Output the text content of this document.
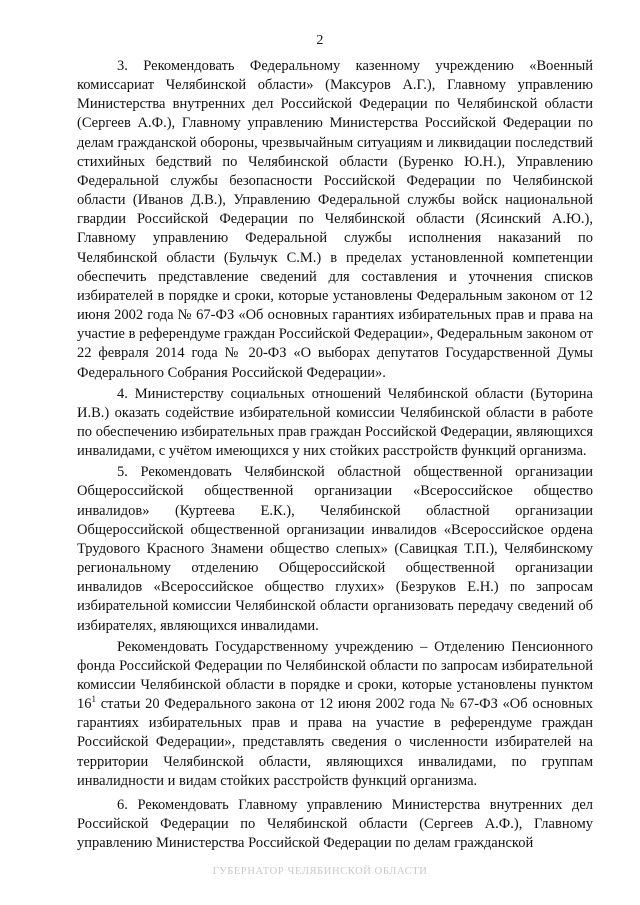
2

3. Рекомендовать Федеральному казенному учреждению «Военный комиссариат Челябинской области» (Максуров А.Г.), Главному управлению Министерства внутренних дел Российской Федерации по Челябинской области (Сергеев А.Ф.), Главному управлению Министерства Российской Федерации по делам гражданской обороны, чрезвычайным ситуациям и ликвидации последствий стихийных бедствий по Челябинской области (Буренко Ю.Н.), Управлению Федеральной службы безопасности Российской Федерации по Челябинской области (Иванов Д.В.), Управлению Федеральной службы войск национальной гвардии Российской Федерации по Челябинской области (Ясинский А.Ю.), Главному управлению Федеральной службы исполнения наказаний по Челябинской области (Бульчук С.М.) в пределах установленной компетенции обеспечить представление сведений для составления и уточнения списков избирателей в порядке и сроки, которые установлены Федеральным законом от 12 июня 2002 года № 67-ФЗ «Об основных гарантиях избирательных прав и права на участие в референдуме граждан Российской Федерации», Федеральным законом от 22 февраля 2014 года № 20-ФЗ «О выборах депутатов Государственной Думы Федерального Собрания Российской Федерации».

4. Министерству социальных отношений Челябинской области (Буторина И.В.) оказать содействие избирательной комиссии Челябинской области в работе по обеспечению избирательных прав граждан Российской Федерации, являющихся инвалидами, с учётом имеющихся у них стойких расстройств функций организма.

5. Рекомендовать Челябинской областной общественной организации Общероссийской общественной организации «Всероссийское общество инвалидов» (Куртеева Е.К.), Челябинской областной организации Общероссийской общественной организации инвалидов «Всероссийское ордена Трудового Красного Знамени общество слепых» (Савицкая Т.П.), Челябинскому региональному отделению Общероссийской общественной организации инвалидов «Всероссийское общество глухих» (Безруков Е.Н.) по запросам избирательной комиссии Челябинской области организовать передачу сведений об избирателях, являющихся инвалидами.

Рекомендовать Государственному учреждению – Отделению Пенсионного фонда Российской Федерации по Челябинской области по запросам избирательной комиссии Челябинской области в порядке и сроки, которые установлены пунктом $16^1$ статьи 20 Федерального закона от 12 июня 2002 года № 67-ФЗ «Об основных гарантиях избирательных прав и права на участие в референдуме граждан Российской Федерации», представлять сведения о численности избирателей на территории Челябинской области, являющихся инвалидами, по группам инвалидности и видам стойких расстройств функций организма.

6. Рекомендовать Главному управлению Министерства внутренних дел Российской Федерации по Челябинской области (Сергеев А.Ф.), Главному управлению Министерства Российской Федерации по делам гражданской

ГУБЕРНАТОР ЧЕЛЯБИНСКОЙ ОБЛАСТИ
